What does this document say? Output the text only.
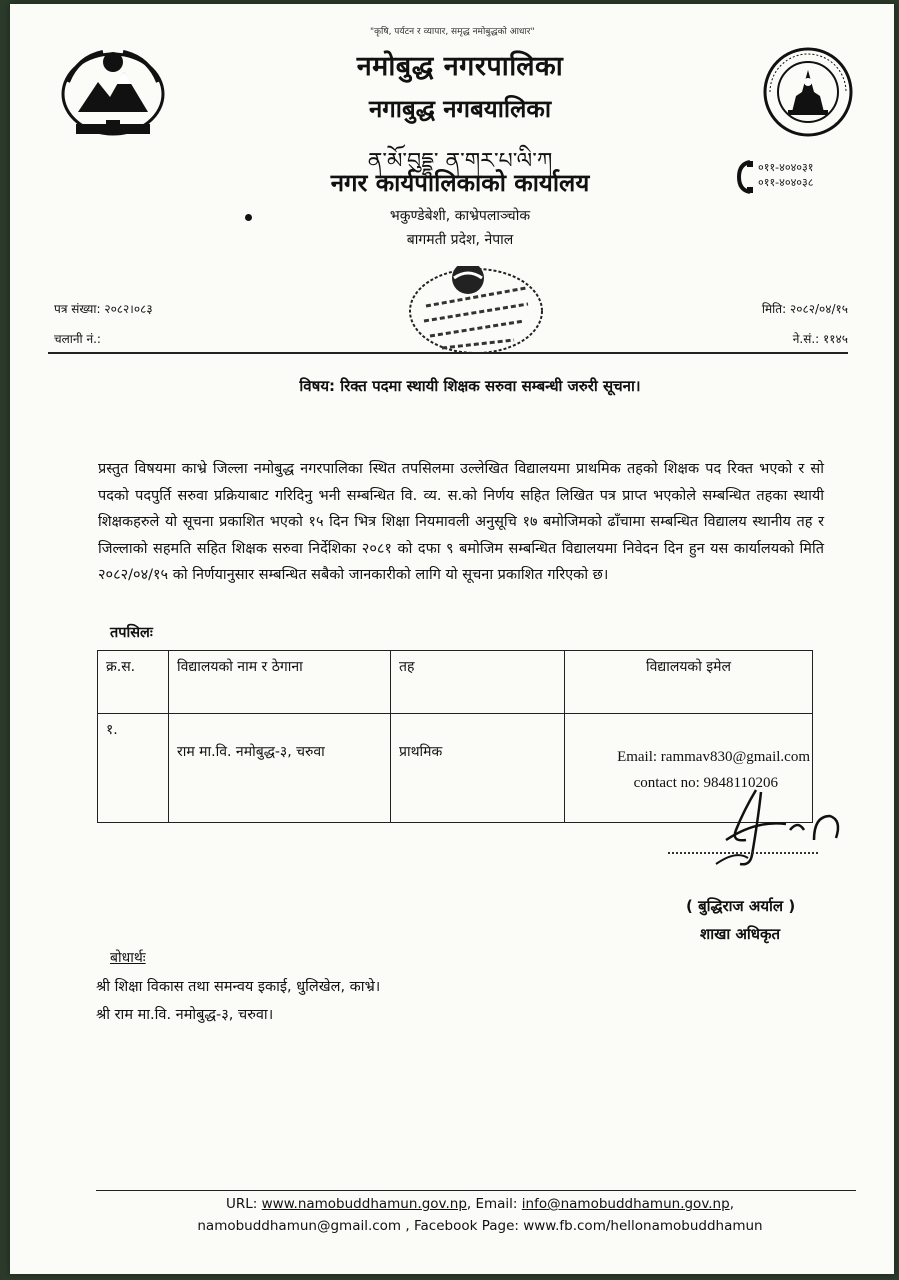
"कृषि, पर्यटन र व्यापार, समृद्ध नमोबुद्धको आधार"
नमोबुद्ध नगरपालिका
नगाबुद्ध नगबयालिका
ན་མོ་བུདྡྷ་ ན་གར་པ་ལི་ཀ
नगर कार्यपालिकाको कार्यालय
भकुण्डेबेशी, काभ्रेपलाञ्चोक
बागमती प्रदेश, नेपाल
०११-४०४०३१
०११-४०४०३८
पत्र संख्या: २०८२।०८३
चलानी नं.:
मिति: २०८२/०४/१५
ने.सं.: ११४५
विषय: रिक्त पदमा स्थायी शिक्षक सरुवा सम्बन्धी जरुरी सूचना।
प्रस्तुत विषयमा काभ्रे जिल्ला नमोबुद्ध नगरपालिका स्थित तपसिलमा उल्लेखित विद्यालयमा प्राथमिक तहको शिक्षक पद रिक्त भएको र सो पदको पदपुर्ति सरुवा प्रक्रियाबाट गरिदिनु भनी सम्बन्धित वि. व्य. स.को निर्णय सहित लिखित पत्र प्राप्त भएकोले सम्बन्धित तहका स्थायी शिक्षकहरुले यो सूचना प्रकाशित भएको १५ दिन भित्र शिक्षा नियमावली अनुसूचि १७ बमोजिमको ढाँचामा सम्बन्धित विद्यालय स्थानीय तह र जिल्लाको सहमति सहित शिक्षक सरुवा निर्देशिका २०८१ को दफा ९ बमोजिम सम्बन्धित विद्यालयमा निवेदन दिन हुन यस कार्यालयको मिति २०८२/०४/१५ को निर्णयानुसार सम्बन्धित सबैको जानकारीको लागि यो सूचना प्रकाशित गरिएको छ।
तपसिलः
क्र.स.	विद्यालयको नाम र ठेगाना	तह	विद्यालयको इमेल
१.	राम मा.वि. नमोबुद्ध-३, चरुवा	प्राथमिक	Email: rammav830@gmail.com
contact no: 9848110206
( बुद्धिराज अर्याल )
शाखा अधिकृत
बोधार्थः
श्री शिक्षा विकास तथा समन्वय इकाई, धुलिखेल, काभ्रे।
श्री राम मा.वि. नमोबुद्ध-३, चरुवा।
URL: www.namobuddhamun.gov.np, Email: info@namobuddhamun.gov.np,
namobuddhamun@gmail.com , Facebook Page: www.fb.com/hellonamobuddhamun
